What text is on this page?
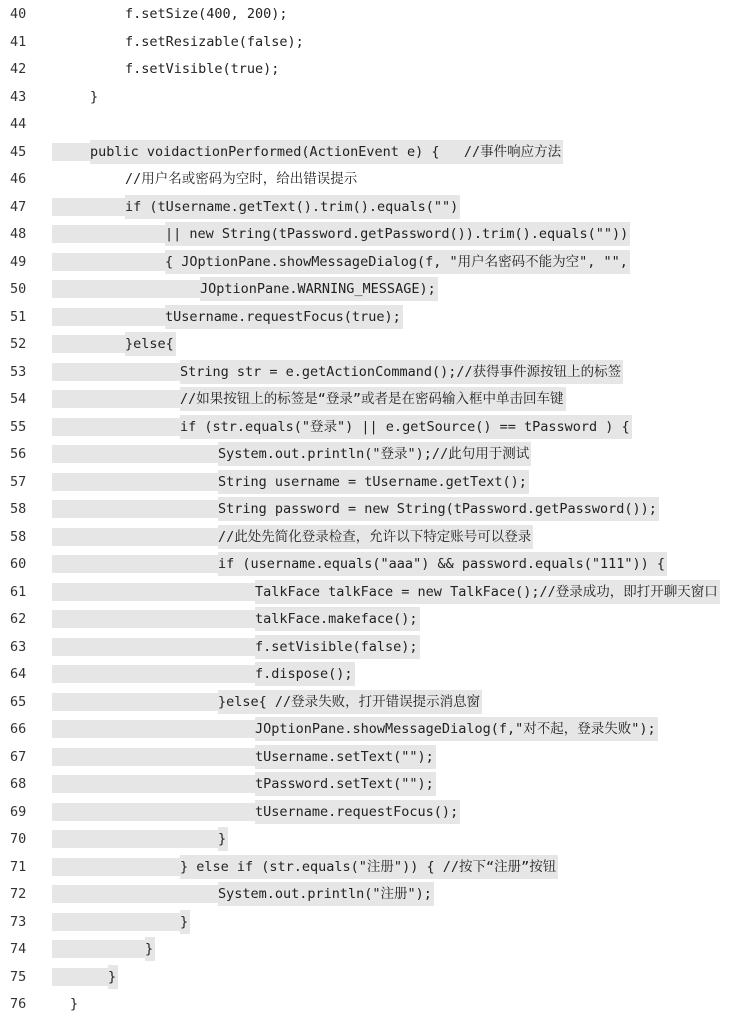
40	f.setSize(400, 200);
41	f.setResizable(false);
42	f.setVisible(true);
43	}
44
45	public voidactionPerformed(ActionEvent e) {   //事件响应方法
46	//用户名或密码为空时，给出错误提示
47	if (tUsername.getText().trim().equals("")
48	|| new String(tPassword.getPassword()).trim().equals(""))
49	{ JOptionPane.showMessageDialog(f, "用户名密码不能为空", "",
50	JOptionPane.WARNING_MESSAGE);
51	tUsername.requestFocus(true);
52	}else{
53	String str = e.getActionCommand();//获得事件源按钮上的标签
54	//如果按钮上的标签是“登录”或者是在密码输入框中单击回车键
55	if (str.equals("登录") || e.getSource() == tPassword ) {
56	System.out.println("登录");//此句用于测试
57	String username = tUsername.getText();
58	String password = new String(tPassword.getPassword());
58	//此处先简化登录检查，允许以下特定账号可以登录
60	if (username.equals("aaa") && password.equals("111")) {
61	TalkFace talkFace = new TalkFace();//登录成功，即打开聊天窗口
62	talkFace.makeface();
63	f.setVisible(false);
64	f.dispose();
65	}else{ //登录失败，打开错误提示消息窗
66	JOptionPane.showMessageDialog(f,"对不起，登录失败");
67	tUsername.setText("");
68	tPassword.setText("");
69	tUsername.requestFocus();
70	}
71	} else if (str.equals("注册")) { //按下“注册”按钮
72	System.out.println("注册");
73	}
74	}
75	}
76	}
